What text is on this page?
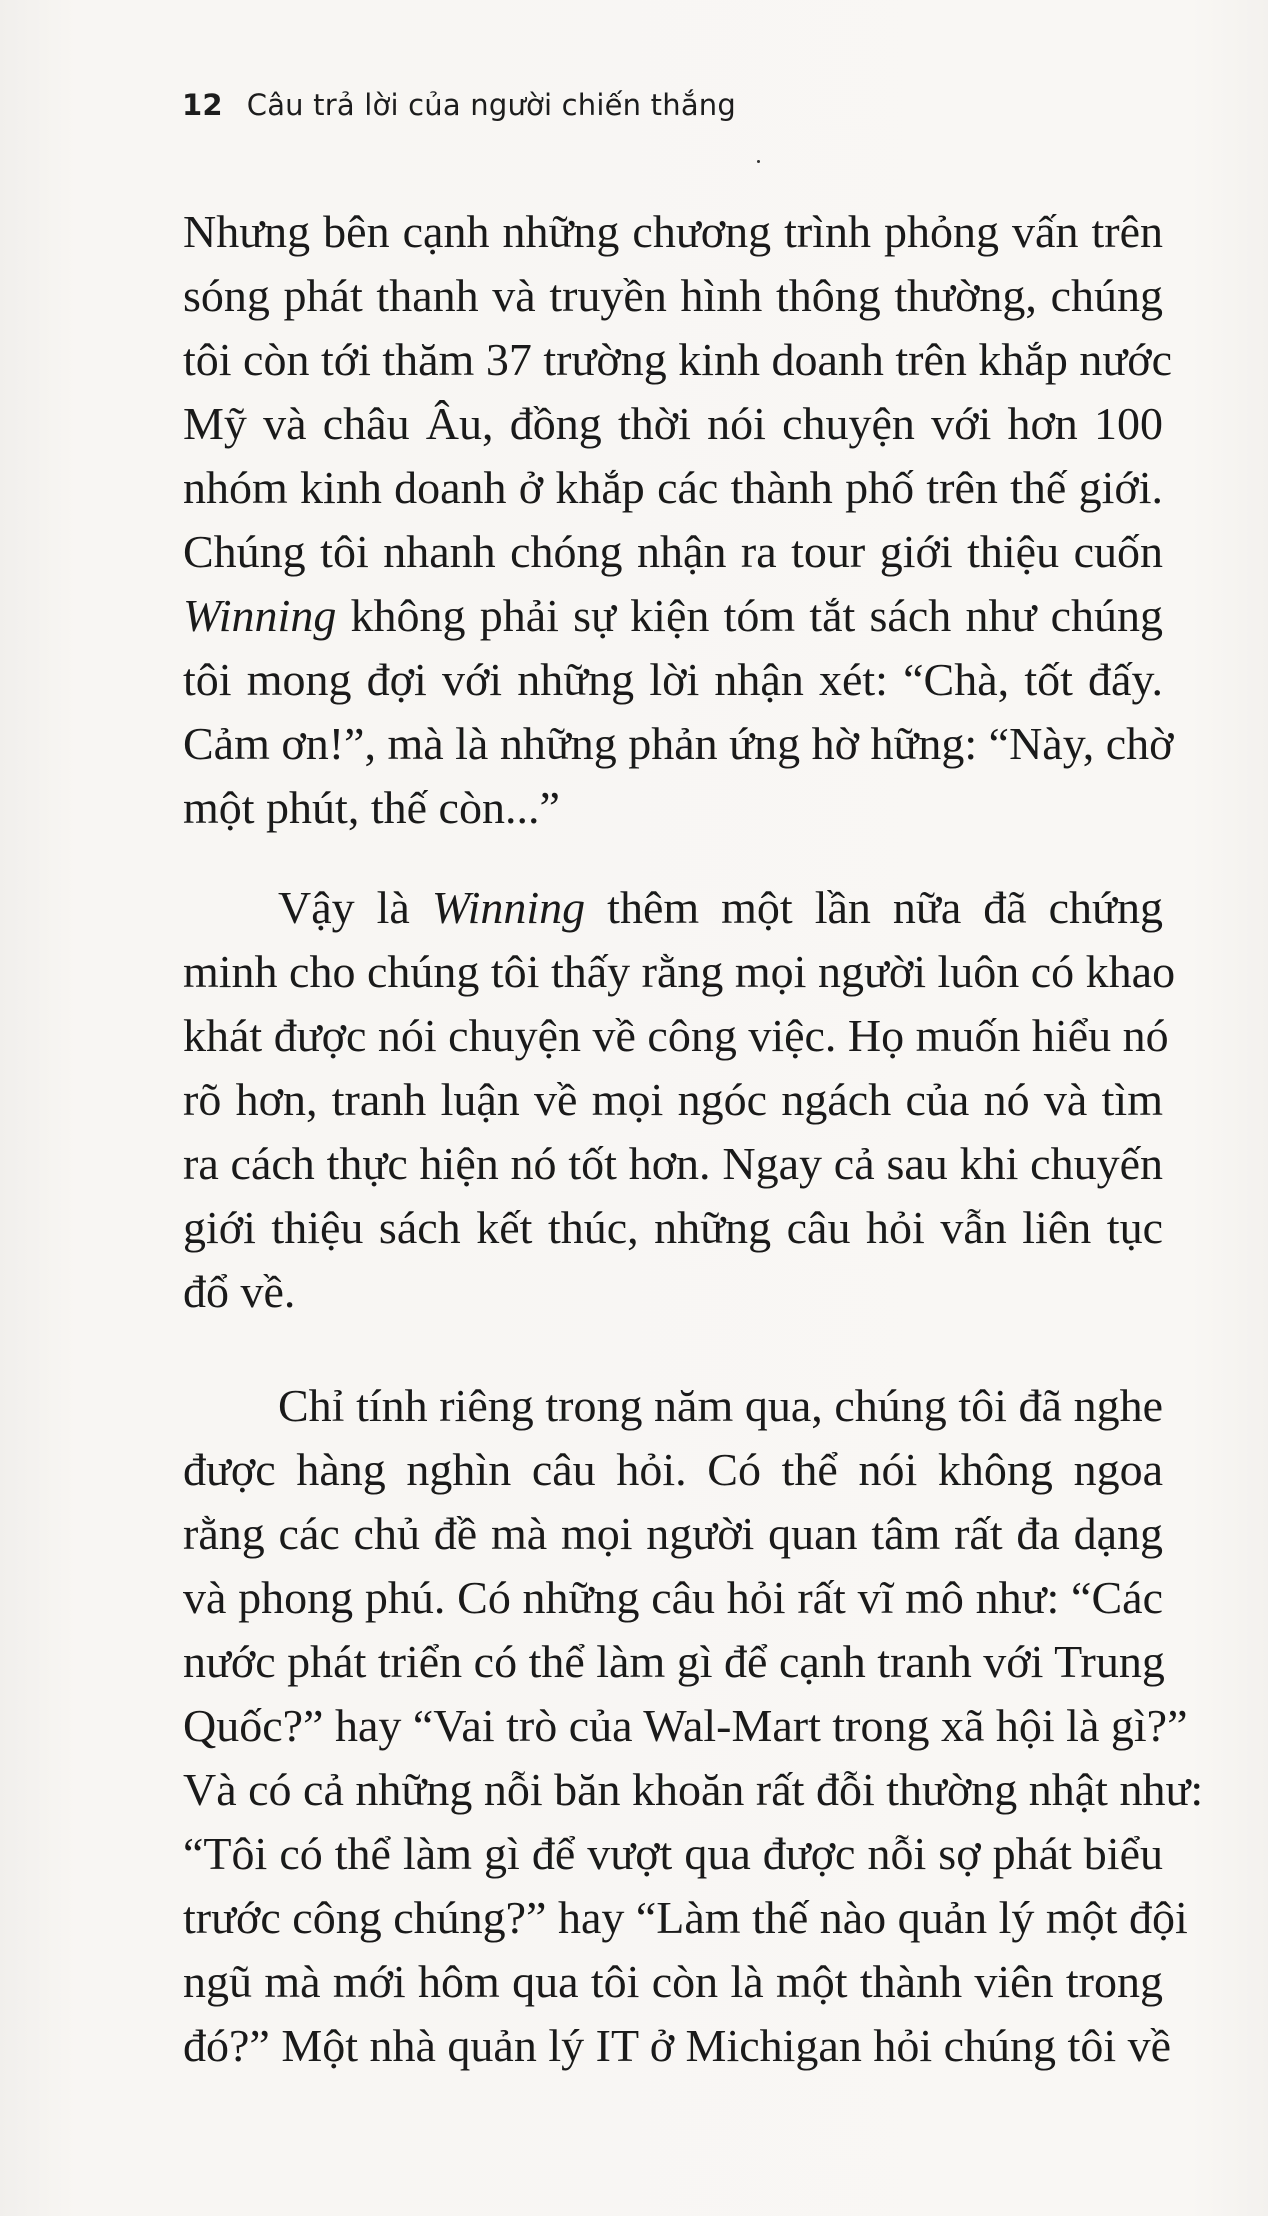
12 Câu trả lời của người chiến thắng
Nhưng bên cạnh những chương trình phỏng vấn trên
sóng phát thanh và truyền hình thông thường, chúng
tôi còn tới thăm 37 trường kinh doanh trên khắp nước
Mỹ và châu Âu, đồng thời nói chuyện với hơn 100
nhóm kinh doanh ở khắp các thành phố trên thế giới.
Chúng tôi nhanh chóng nhận ra tour giới thiệu cuốn
Winning không phải sự kiện tóm tắt sách như chúng
tôi mong đợi với những lời nhận xét: “Chà, tốt đấy.
Cảm ơn!”, mà là những phản ứng hờ hững: “Này, chờ
một phút, thế còn...”
Vậy là Winning thêm một lần nữa đã chứng
minh cho chúng tôi thấy rằng mọi người luôn có khao
khát được nói chuyện về công việc. Họ muốn hiểu nó
rõ hơn, tranh luận về mọi ngóc ngách của nó và tìm
ra cách thực hiện nó tốt hơn. Ngay cả sau khi chuyến
giới thiệu sách kết thúc, những câu hỏi vẫn liên tục
đổ về.
Chỉ tính riêng trong năm qua, chúng tôi đã nghe
được hàng nghìn câu hỏi. Có thể nói không ngoa
rằng các chủ đề mà mọi người quan tâm rất đa dạng
và phong phú. Có những câu hỏi rất vĩ mô như: “Các
nước phát triển có thể làm gì để cạnh tranh với Trung
Quốc?” hay “Vai trò của Wal-Mart trong xã hội là gì?”
Và có cả những nỗi băn khoăn rất đỗi thường nhật như:
“Tôi có thể làm gì để vượt qua được nỗi sợ phát biểu
trước công chúng?” hay “Làm thế nào quản lý một đội
ngũ mà mới hôm qua tôi còn là một thành viên trong
đó?” Một nhà quản lý IT ở Michigan hỏi chúng tôi về
